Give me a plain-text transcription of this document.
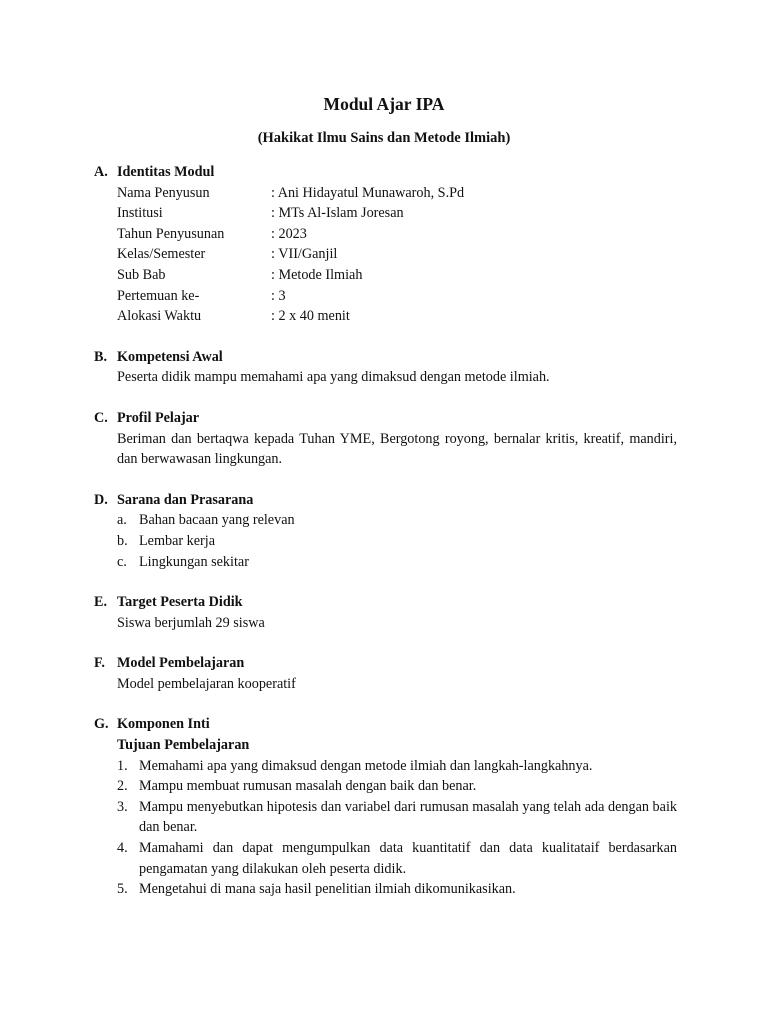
Modul Ajar IPA
(Hakikat Ilmu Sains dan Metode Ilmiah)
A. Identitas Modul
Nama Penyusun	: Ani Hidayatul Munawaroh, S.Pd
Institusi	: MTs Al-Islam Joresan
Tahun Penyusunan	: 2023
Kelas/Semester	: VII/Ganjil
Sub Bab	: Metode Ilmiah
Pertemuan ke-	: 3
Alokasi Waktu	: 2 x 40 menit
B. Kompetensi Awal
Peserta didik mampu memahami apa yang dimaksud dengan metode ilmiah.
C. Profil Pelajar
Beriman dan bertaqwa kepada Tuhan YME, Bergotong royong, bernalar kritis, kreatif, mandiri, dan berwawasan lingkungan.
D. Sarana dan Prasarana
a. Bahan bacaan yang relevan
b. Lembar kerja
c. Lingkungan sekitar
E. Target Peserta Didik
Siswa berjumlah 29 siswa
F. Model Pembelajaran
Model pembelajaran kooperatif
G. Komponen Inti
Tujuan Pembelajaran
1. Memahami apa yang dimaksud dengan metode ilmiah dan langkah-langkahnya.
2. Mampu membuat rumusan masalah dengan baik dan benar.
3. Mampu menyebutkan hipotesis dan variabel dari rumusan masalah yang telah ada dengan baik dan benar.
4. Mamahami dan dapat mengumpulkan data kuantitatif dan data kualitataif berdasarkan pengamatan yang dilakukan oleh peserta didik.
5. Mengetahui di mana saja hasil penelitian ilmiah dikomunikasikan.
